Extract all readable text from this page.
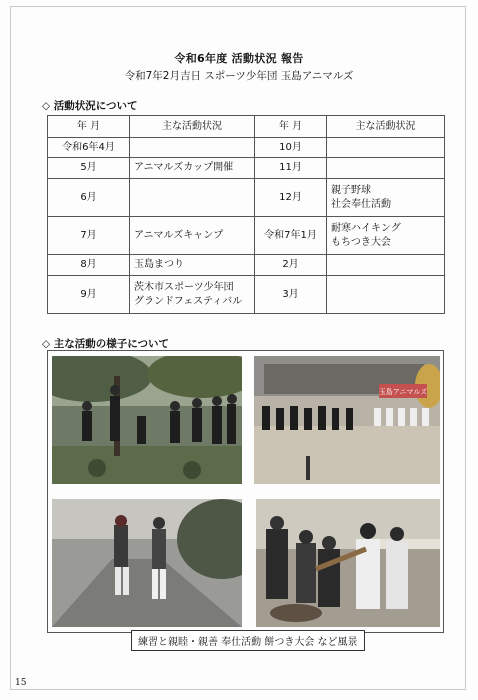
令和6年度 活動状況 報告
令和7年2月吉日 スポーツ少年団 玉島アニマルズ
◇ 活動状況について
年 月	主な活動状況	年 月	主な活動状況
令和6年4月		10月	
5月	アニマルズカップ開催	11月	
6月		12月	親子野球
社会奉仕活動
7月	アニマルズキャンプ	令和7年1月	耐寒ハイキング
もちつき大会
8月	玉島まつり	2月	
9月	茨木市スポーツ少年団
グランドフェスティバル	3月	
◇ 主な活動の様子について
玉島アニマルズ
練習と親睦・親善 奉仕活動 餅つき大会 など風景
15
